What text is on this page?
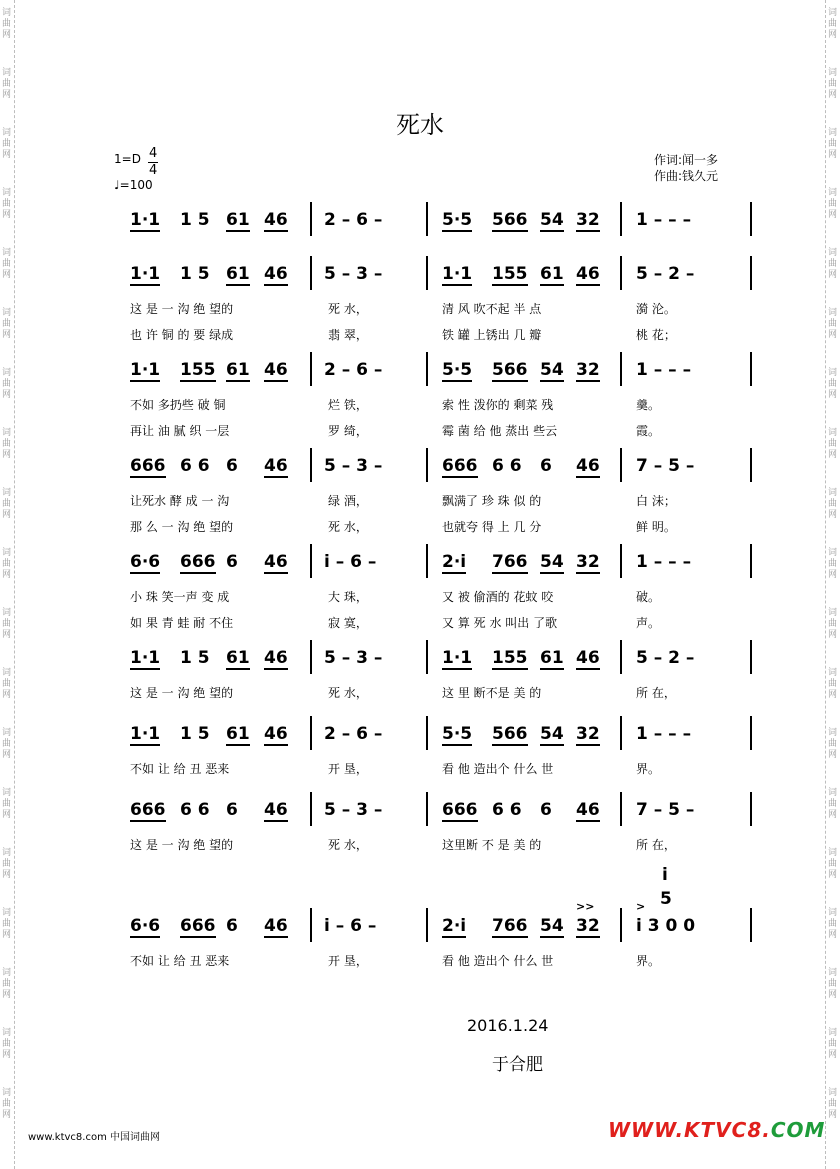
词曲网
词曲网
词曲网
词曲网
词曲网
词曲网
词曲网
词曲网
词曲网
词曲网
词曲网
词曲网
词曲网
词曲网
词曲网
词曲网
词曲网
词曲网
词曲网
词曲网
词曲网
词曲网
词曲网
词曲网
词曲网
词曲网
词曲网
词曲网
词曲网
词曲网
词曲网
词曲网
词曲网
词曲网
词曲网
词曲网
词曲网
词曲网
死水
1=D 4
4
♩=100
作词:闻一多
作曲:钱久元
1·1 1 5 61 46 2 – 6 –	5·5 566 54 32 1 – – –
1·1 1 5 61 46 5 – 3 –	1·1 155 61 46 5 – 2 –
1·1 155 61 46 2 – 6 –	5·5 566 54 32 1 – – –
666 6 6 6 46 5 – 3 –	666 6 6 6 46 7 – 5 –
6·6 666 6 46 i – 6 –	2·i 766 54 32 1 – – –
1·1 1 5 61 46 5 – 3 –	1·1 155 61 46 5 – 2 –
1·1 1 5 61 46 2 – 6 –	5·5 566 54 32 1 – – –
666 6 6 6 46 5 – 3 –	666 6 6 6 46 7 – 5 –
6·6 666 6 46 i – 6 –	2·i 766 54 32 i 3 0 0
这 是 一 沟 绝 望的	死 水，	清 风 吹不起 半 点	漪 沦。
也 许 铜 的 要 绿成	翡 翠，	铁 罐 上锈出 几 瓣	桃 花；
不如 多扔些 破 铜	烂 铁，	索 性 泼你的 剩菜 残	羹。
再让 油 腻 织 一层	罗 绮，	霉 菌 给 他 蒸出 些云	霞。
让死水 酵 成 一 沟	绿 酒，	飘满了 珍 珠 似 的	白 沫；
那 么 一 沟 绝 望的	死 水，	也就夸 得 上 几 分	鲜 明。
小 珠 笑一声 变 成	大 珠，	又 被 偷酒的 花蚊 咬	破。
如 果 青 蛙 耐 不住	寂 寞，	又 算 死 水 叫出 了歌	声。
这 是 一 沟 绝 望的	死 水，	这 里 断不是 美 的	所 在，
不如 让 给 丑 恶来	开 垦，	看 他 造出个 什么 世	界。
这 是 一 沟 绝 望的	死 水，	这里断 不 是 美 的	所 在，
不如 让 给 丑 恶来	开 垦，	看 他 造出个 什么 世	界。
>>	>
i
5
2016.1.24
于合肥
www.ktvc8.com 中国词曲网	WWW.KTVC8.COM
